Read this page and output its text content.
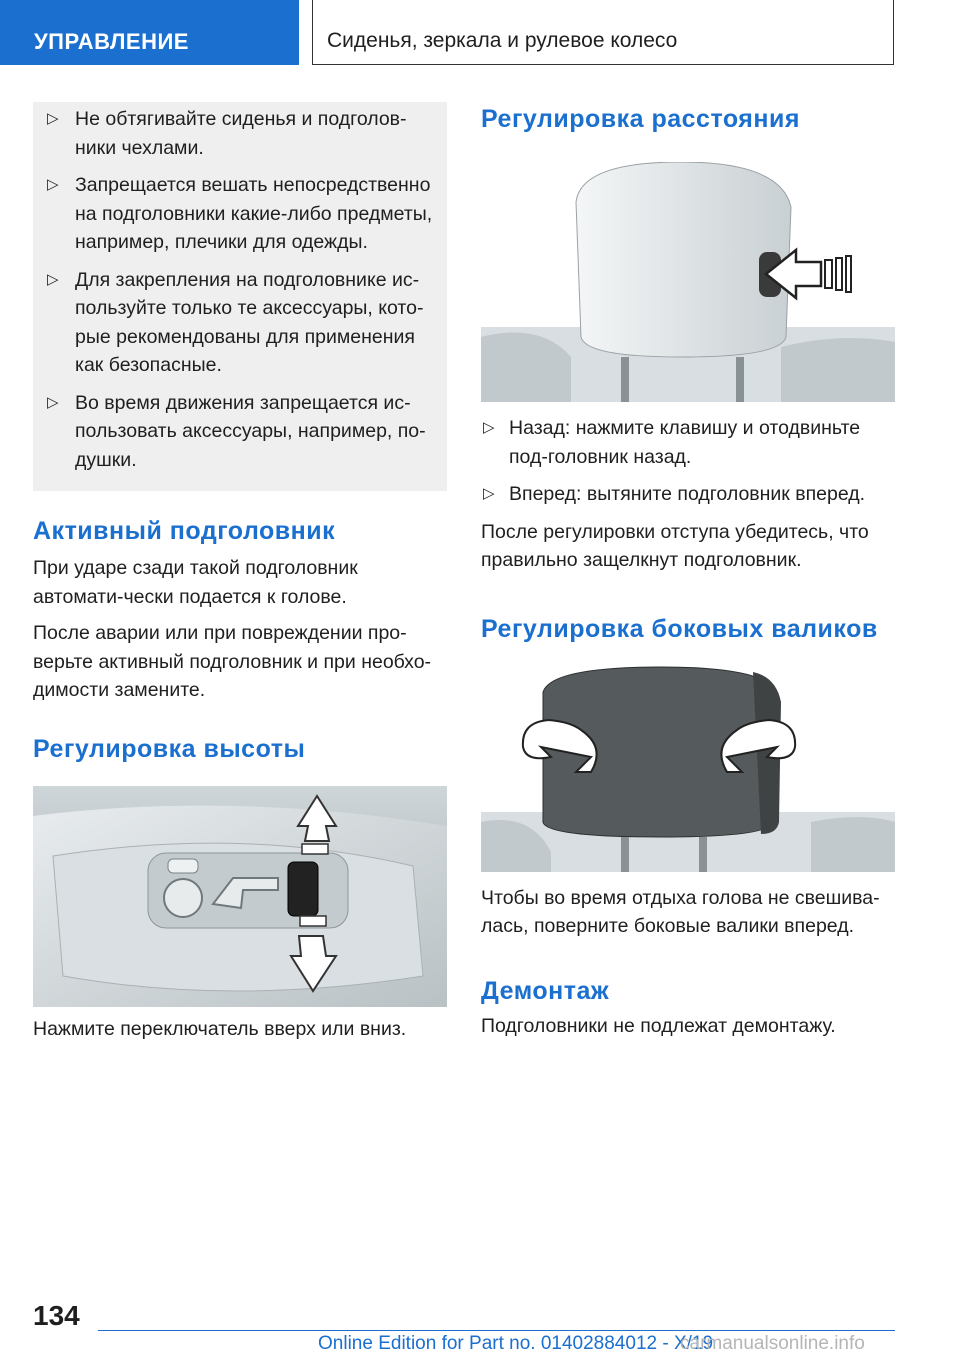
УПРАВЛЕНИЕ	Сиденья, зеркала и рулевое колесо
▷ Не обтягивайте сиденья и подголов-ники чехлами.
▷ Запрещается вешать непосредственно на подголовники какие-либо предметы, например, плечики для одежды.
▷ Для закрепления на подголовнике ис-пользуйте только те аксессуары, кото-рые рекомендованы для применения как безопасные.
▷ Во время движения запрещается ис-пользовать аксессуары, например, по-душки.
Активный подголовник

При ударе сзади такой подголовник автомати-чески подается к голове.

После аварии или при повреждении про-верьте активный подголовник и при необхо-димости замените.

Регулировка высоты

Нажмите переключатель вверх или вниз.

Регулировка расстояния
▷ Назад: нажмите клавишу и отодвиньте под-головник назад.
▷ Вперед: вытяните подголовник вперед.

После регулировки отступа убедитесь, что правильно защелкнут подголовник.

Регулировка боковых валиков

Чтобы во время отдыха голова не свешива-лась, поверните боковые валики вперед.

Демонтаж

Подголовники не подлежат демонтажу.

134
Online Edition for Part no. 01402884012 - X/19
carmanualsonline.info
